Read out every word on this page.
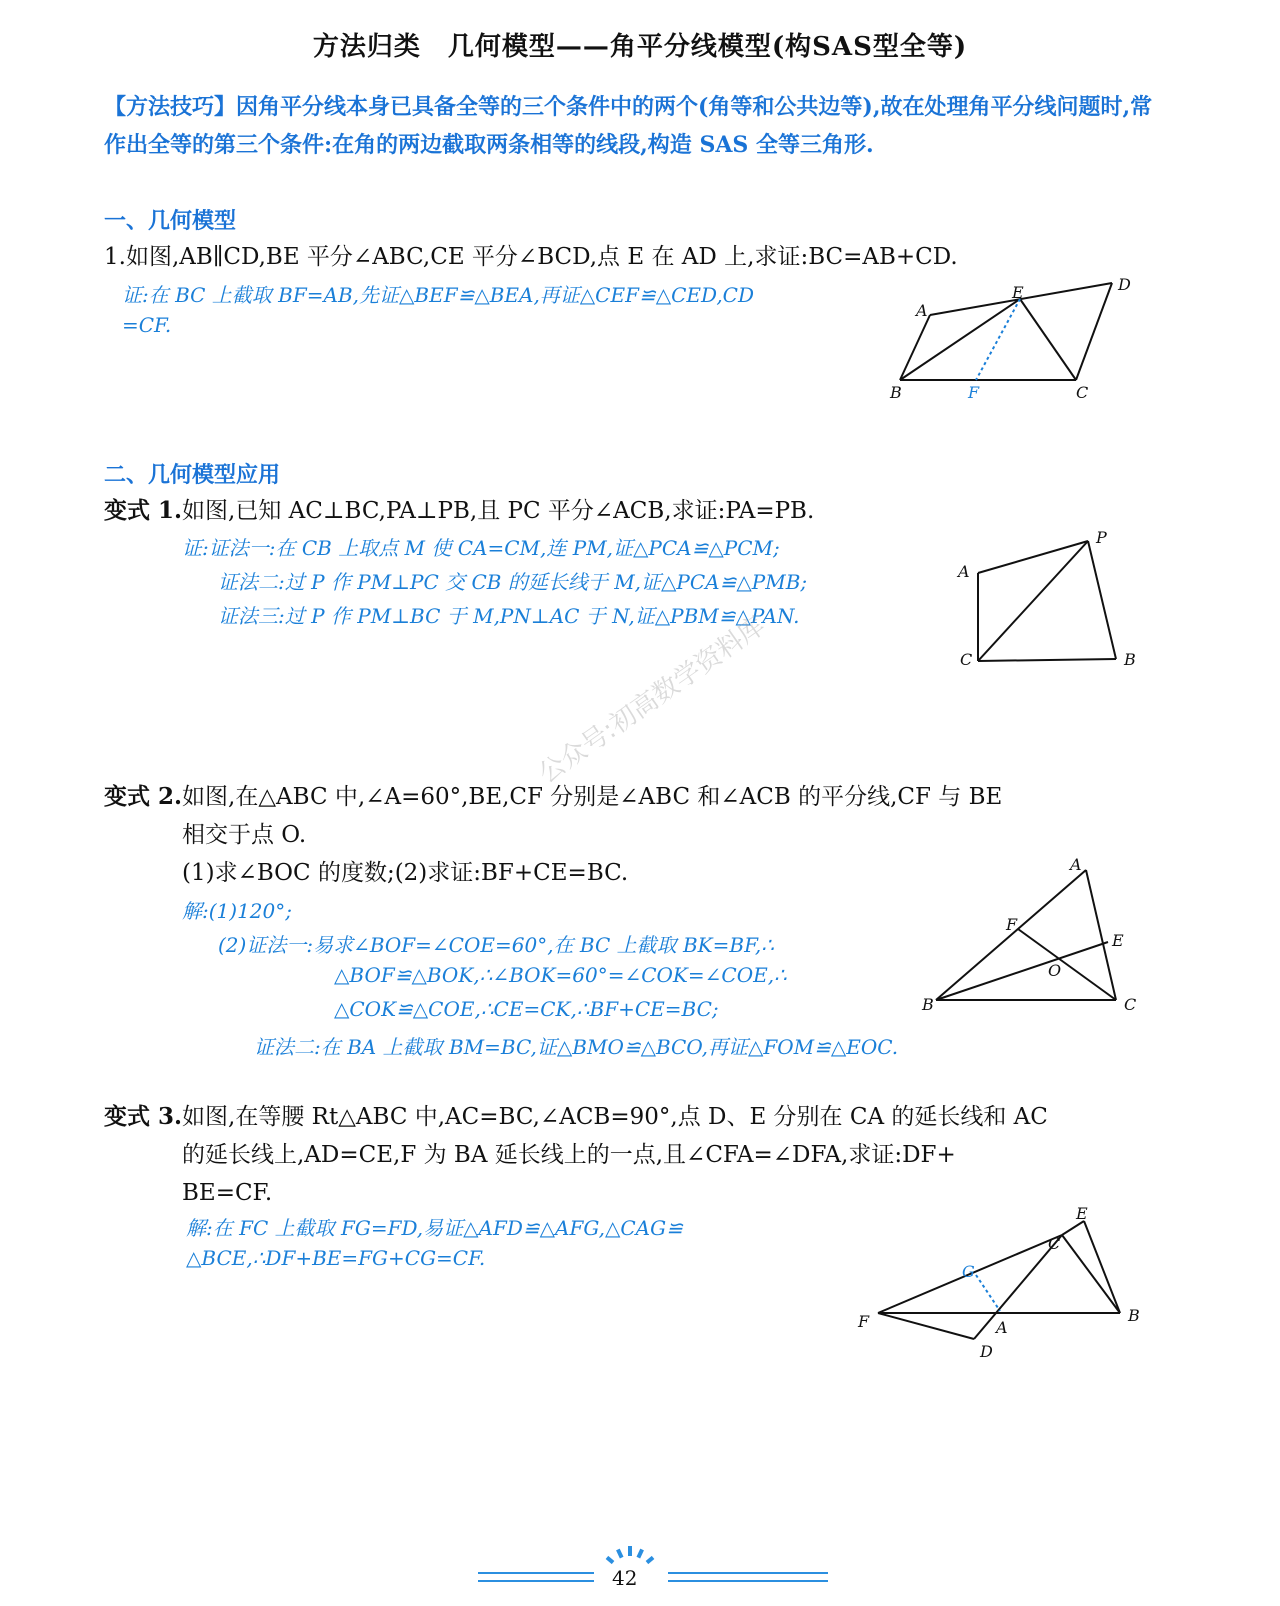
方法归类　几何模型——角平分线模型(构SAS型全等)
【方法技巧】因角平分线本身已具备全等的三个条件中的两个(角等和公共边等),故在处理角平分线问题时,常作出全等的第三个条件:在角的两边截取两条相等的线段,构造 SAS 全等三角形.
一、几何模型
1.如图,AB∥CD,BE 平分∠ABC,CE 平分∠BCD,点 E 在 AD 上,求证:BC=AB+CD.
证:在 BC 上截取 BF=AB,先证△BEF≌△BEA,再证△CEF≌△CED,CD
=CF.
A
E	D
B	F	C
二、几何模型应用
变式 1.如图,已知 AC⊥BC,PA⊥PB,且 PC 平分∠ACB,求证:PA=PB.
证:证法一:在 CB 上取点 M 使 CA=CM,连 PM,证△PCA≌△PCM;
证法二:过 P 作 PM⊥PC 交 CB 的延长线于 M,证△PCA≌△PMB;
证法三:过 P 作 PM⊥BC 于 M,PN⊥AC 于 N,证△PBM≌△PAN.
A
P
C	B
公众号:初高数学资料库
变式 2.如图,在△ABC 中,∠A=60°,BE,CF 分别是∠ABC 和∠ACB 的平分线,CF 与 BE
相交于点 O.
(1)求∠BOC 的度数;(2)求证:BF+CE=BC.
解:(1)120°;
(2)证法一:易求∠BOF=∠COE=60°,在 BC 上截取 BK=BF,∴
△BOF≌△BOK,∴∠BOK=60°=∠COK=∠COE,∴
△COK≌△COE,∴CE=CK,∴BF+CE=BC;
证法二:在 BA 上截取 BM=BC,证△BMO≌△BCO,再证△FOM≌△EOC.
A
F
E
O
B	C
变式 3.如图,在等腰 Rt△ABC 中,AC=BC,∠ACB=90°,点 D、E 分别在 CA 的延长线和 AC
的延长线上,AD=CE,F 为 BA 延长线上的一点,且∠CFA=∠DFA,求证:DF+
BE=CF.
解:在 FC 上截取 FG=FD,易证△AFD≌△AFG,△CAG≌
△BCE,∴DF+BE=FG+CG=CF.
E
C
G
F	A
B
D
42
